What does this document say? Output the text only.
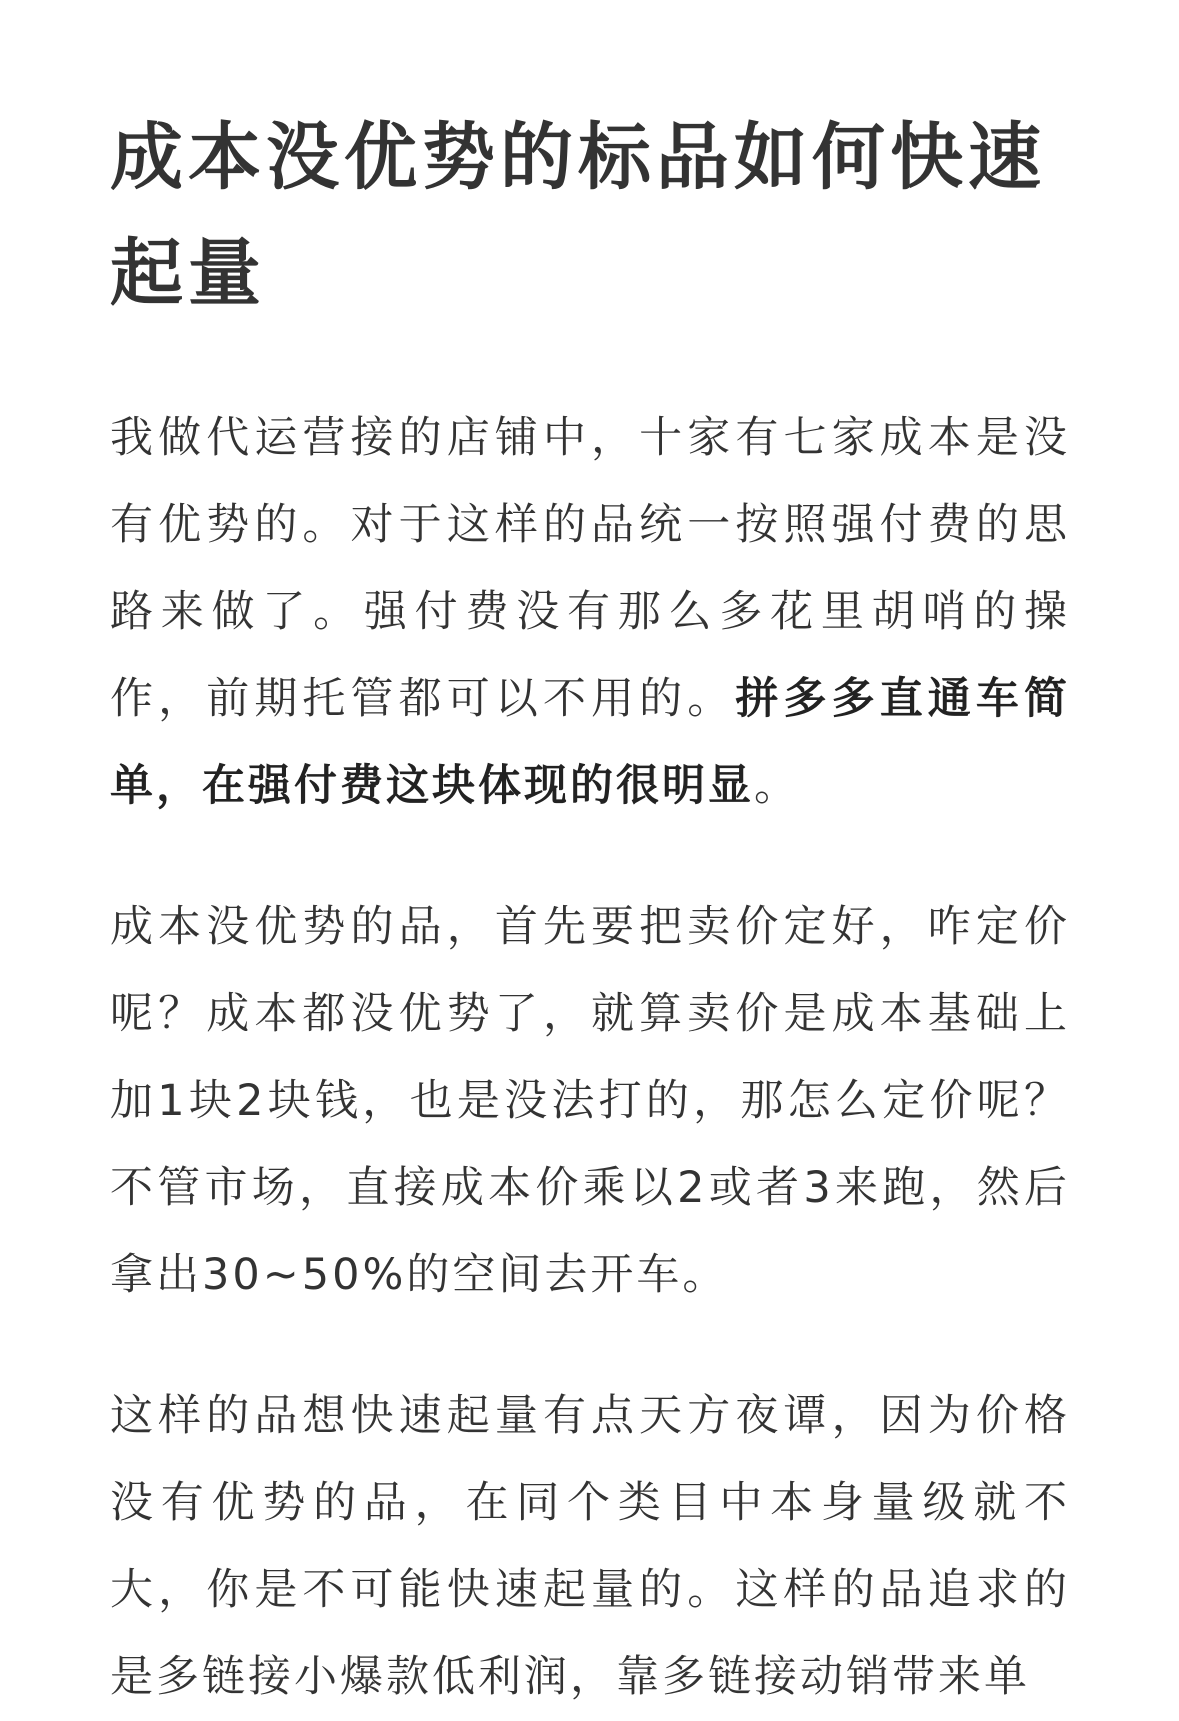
成本没优势的标品如何快速起量

我做代运营接的店铺中，十家有七家成本是没有优势的。对于这样的品统一按照强付费的思路来做了。强付费没有那么多花里胡哨的操作，前期托管都可以不用的。拼多多直通车简单，在强付费这块体现的很明显。

成本没优势的品，首先要把卖价定好，咋定价呢？成本都没优势了，就算卖价是成本基础上加1块2块钱，也是没法打的，那怎么定价呢？不管市场，直接成本价乘以2或者3来跑，然后拿出30~50%的空间去开车。

这样的品想快速起量有点天方夜谭，因为价格没有优势的品，在同个类目中本身量级就不大，你是不可能快速起量的。这样的品追求的是多链接小爆款低利润，靠多链接动销带来单
